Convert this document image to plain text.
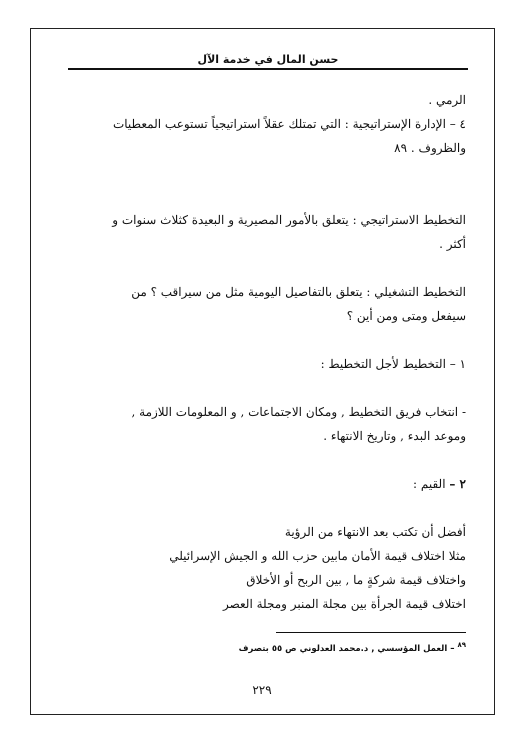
حسن المال في خدمة الآل
الرمي .
٤ – الإدارة الإستراتيجية : التي تمتلك عقلاً استراتيجياً تستوعب المعطيات
والظروف . ٨٩
التخطيط الاستراتيجي : يتعلق بالأمور المصيرية و البعيدة كثلاث سنوات و
أكثر .
التخطيط التشغيلي : يتعلق بالتفاصيل اليومية مثل من سيراقب ؟ من
سيفعل ومتى ومن أين ؟
١ – التخطيط لأجل التخطيط :
- انتخاب فريق التخطيط , ومكان الاجتماعات , و المعلومات اللازمة ,
وموعد البدء , وتاريخ الانتهاء .
٢ – القيم :
أفضل أن تكتب بعد الانتهاء من الرؤية
مثلا اختلاف قيمة الأمان مابين حزب الله و الجيش الإسرائيلي
واختلاف قيمة شركةٍ ما , بين الربح أو الأخلاق
اختلاف قيمة الجرأة بين مجلة المنبر ومجلة العصر
$^{٨٩}$ – العمل المؤسسي , د.محمد العدلوني ص ٥٥ بتصرف
٢٢٩
